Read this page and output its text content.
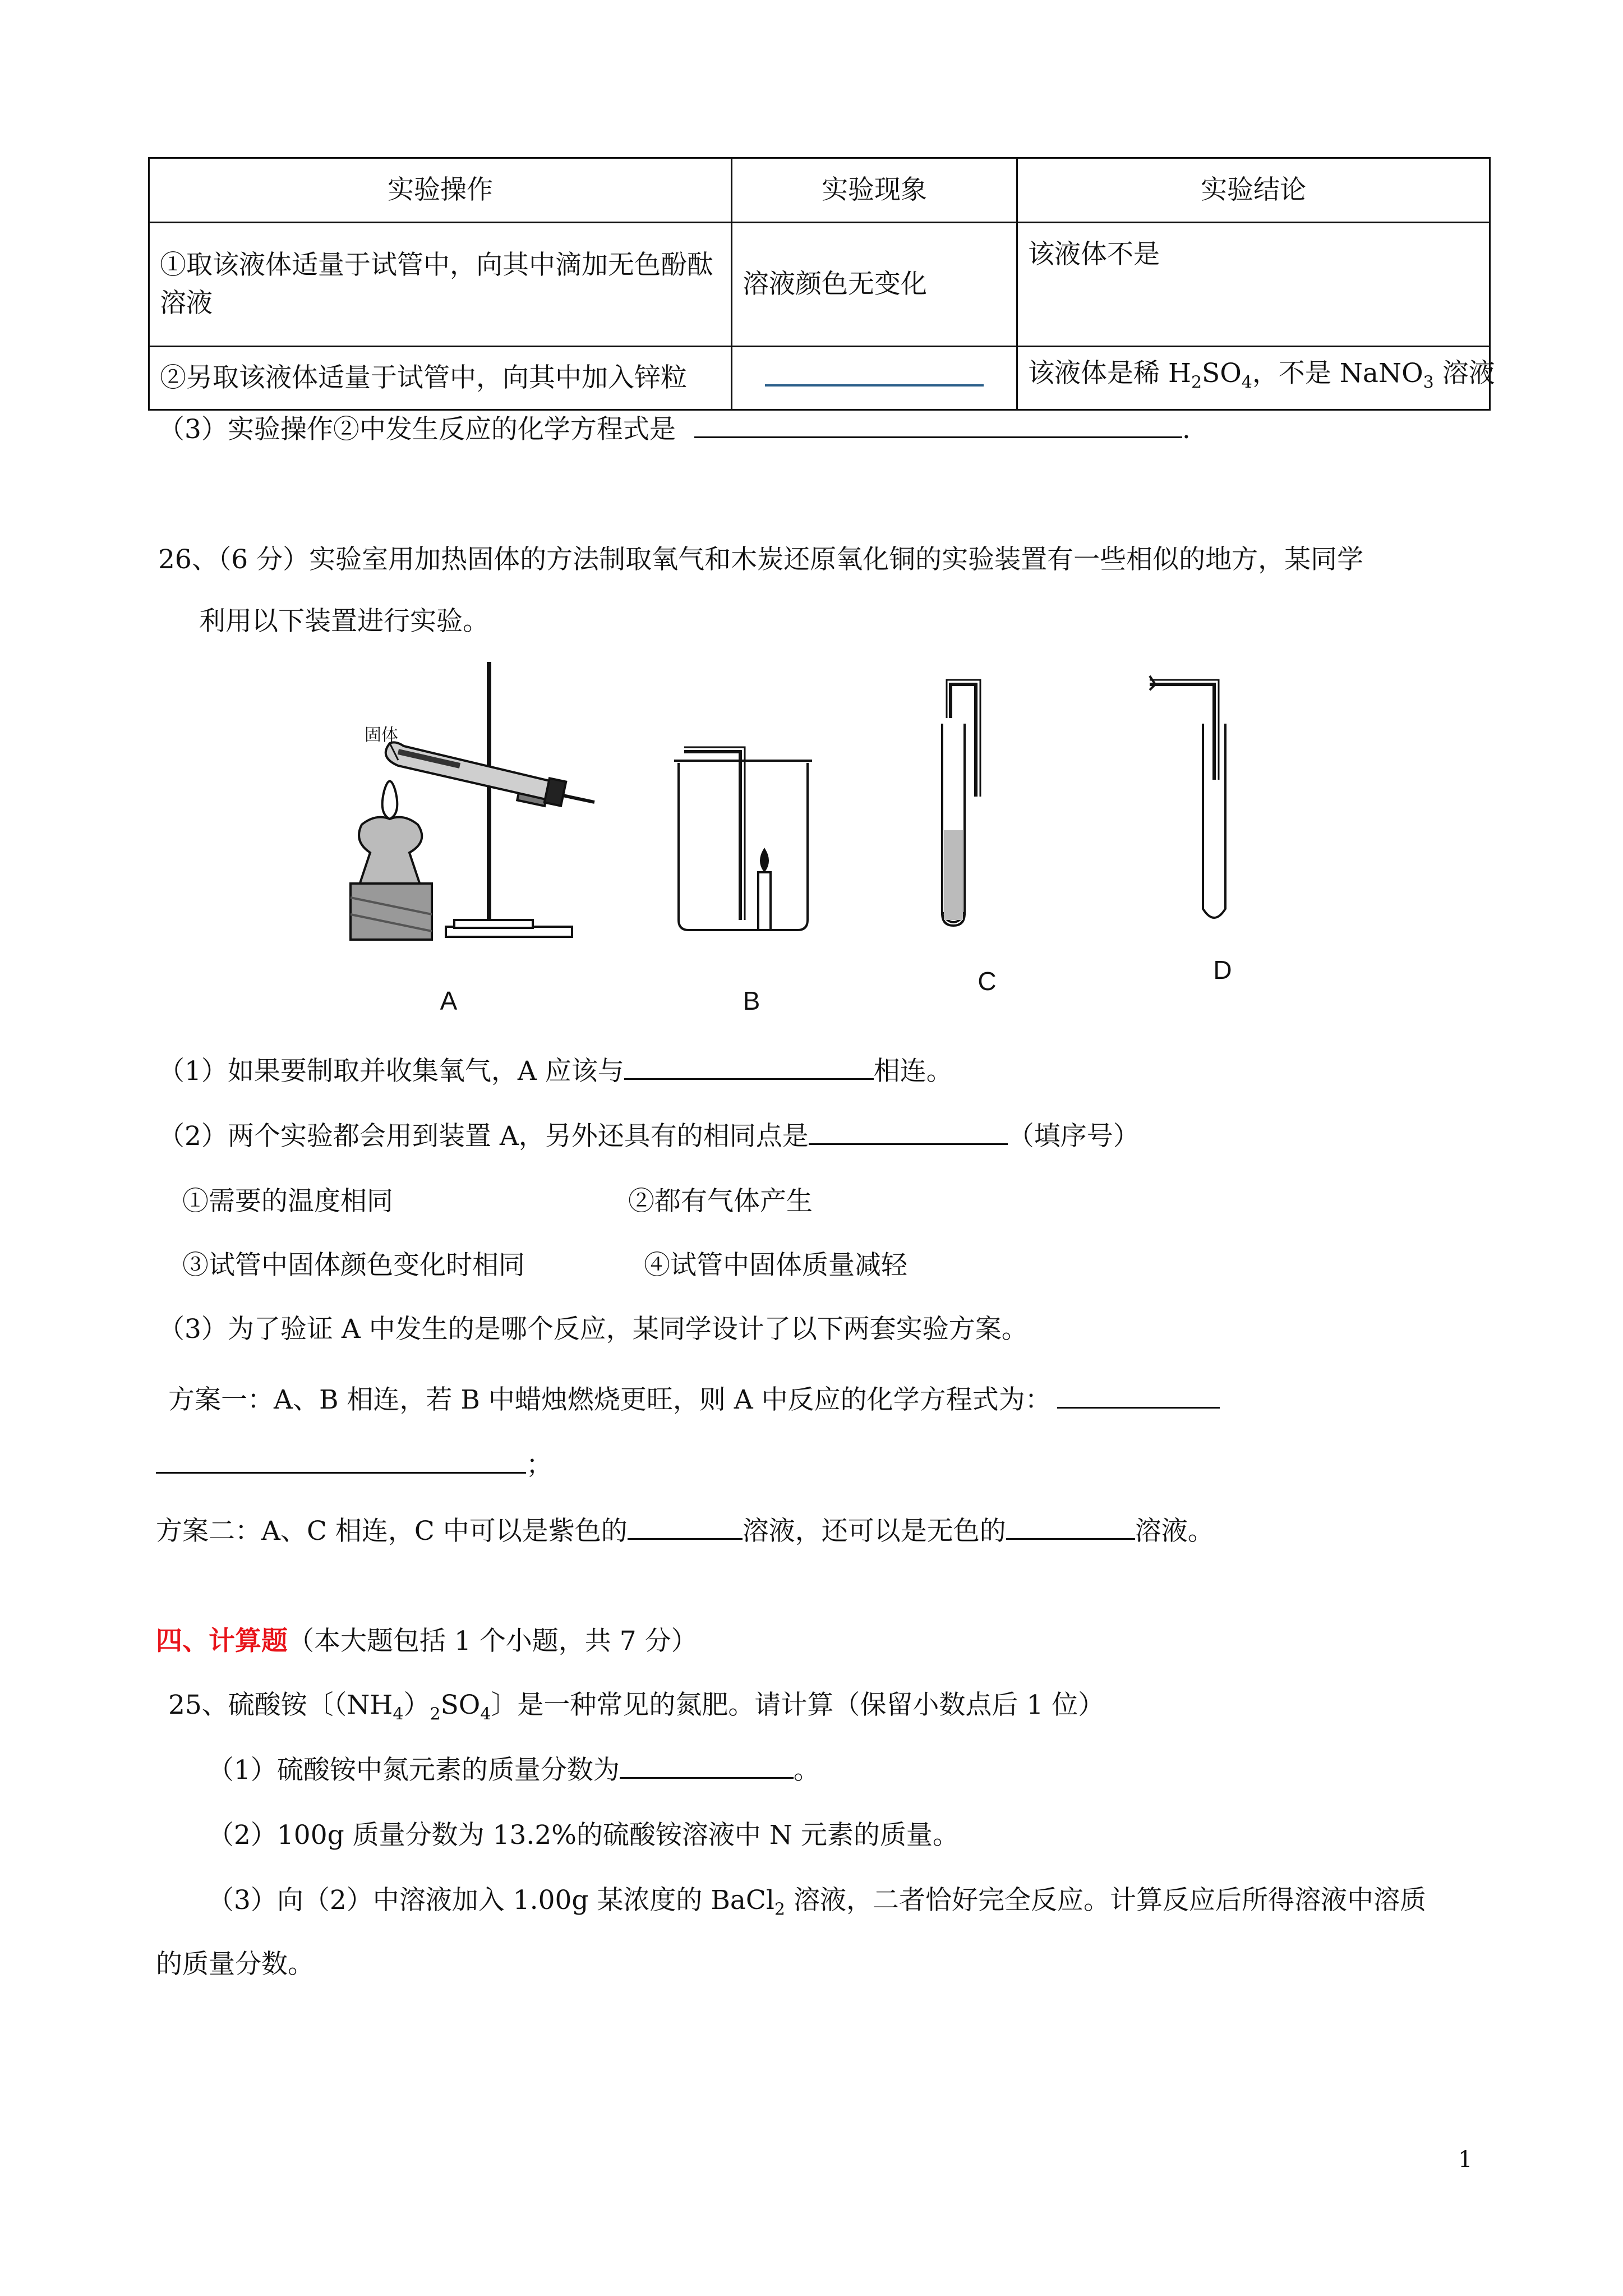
实验操作	实验现象	实验结论
①取该液体适量于试管中，向其中滴加无色酚酞溶液	溶液颜色无变化	该液体不是
②另取该液体适量于试管中，向其中加入锌粒		该液体是稀 $H_2SO_4$，不是 NaNO$_3$ 溶液
（3）实验操作②中发生反应的化学方程式是	.
26、（6 分）实验室用加热固体的方法制取氧气和木炭还原氧化铜的实验装置有一些相似的地方，某同学
利用以下装置进行实验。
固体
A	B
C	D
（1）如果要制取并收集氧气，A 应该与	相连。
（2）两个实验都会用到装置 A，另外还具有的相同点是	（填序号）
①需要的温度相同	②都有气体产生
③试管中固体颜色变化时相同	④试管中固体质量减轻
（3）为了验证 A 中发生的是哪个反应，某同学设计了以下两套实验方案。
方案一：A、B 相连，若 B 中蜡烛燃烧更旺，则 A 中反应的化学方程式为：
；
方案二：A、C 相连，C 中可以是紫色的	溶液，还可以是无色的	溶液。
四、计算题（本大题包括 1 个小题，共 7 分）
25、硫酸铵〔$(NH_4)_2SO_4$〕是一种常见的氮肥。请计算（保留小数点后 1 位）
（1）硫酸铵中氮元素的质量分数为	。
（2）100g 质量分数为 13.2%的硫酸铵溶液中 N 元素的质量。
（3）向（2）中溶液加入 1.00g 某浓度的 BaCl$_2$ 溶液，二者恰好完全反应。计算反应后所得溶液中溶质
的质量分数。
1
